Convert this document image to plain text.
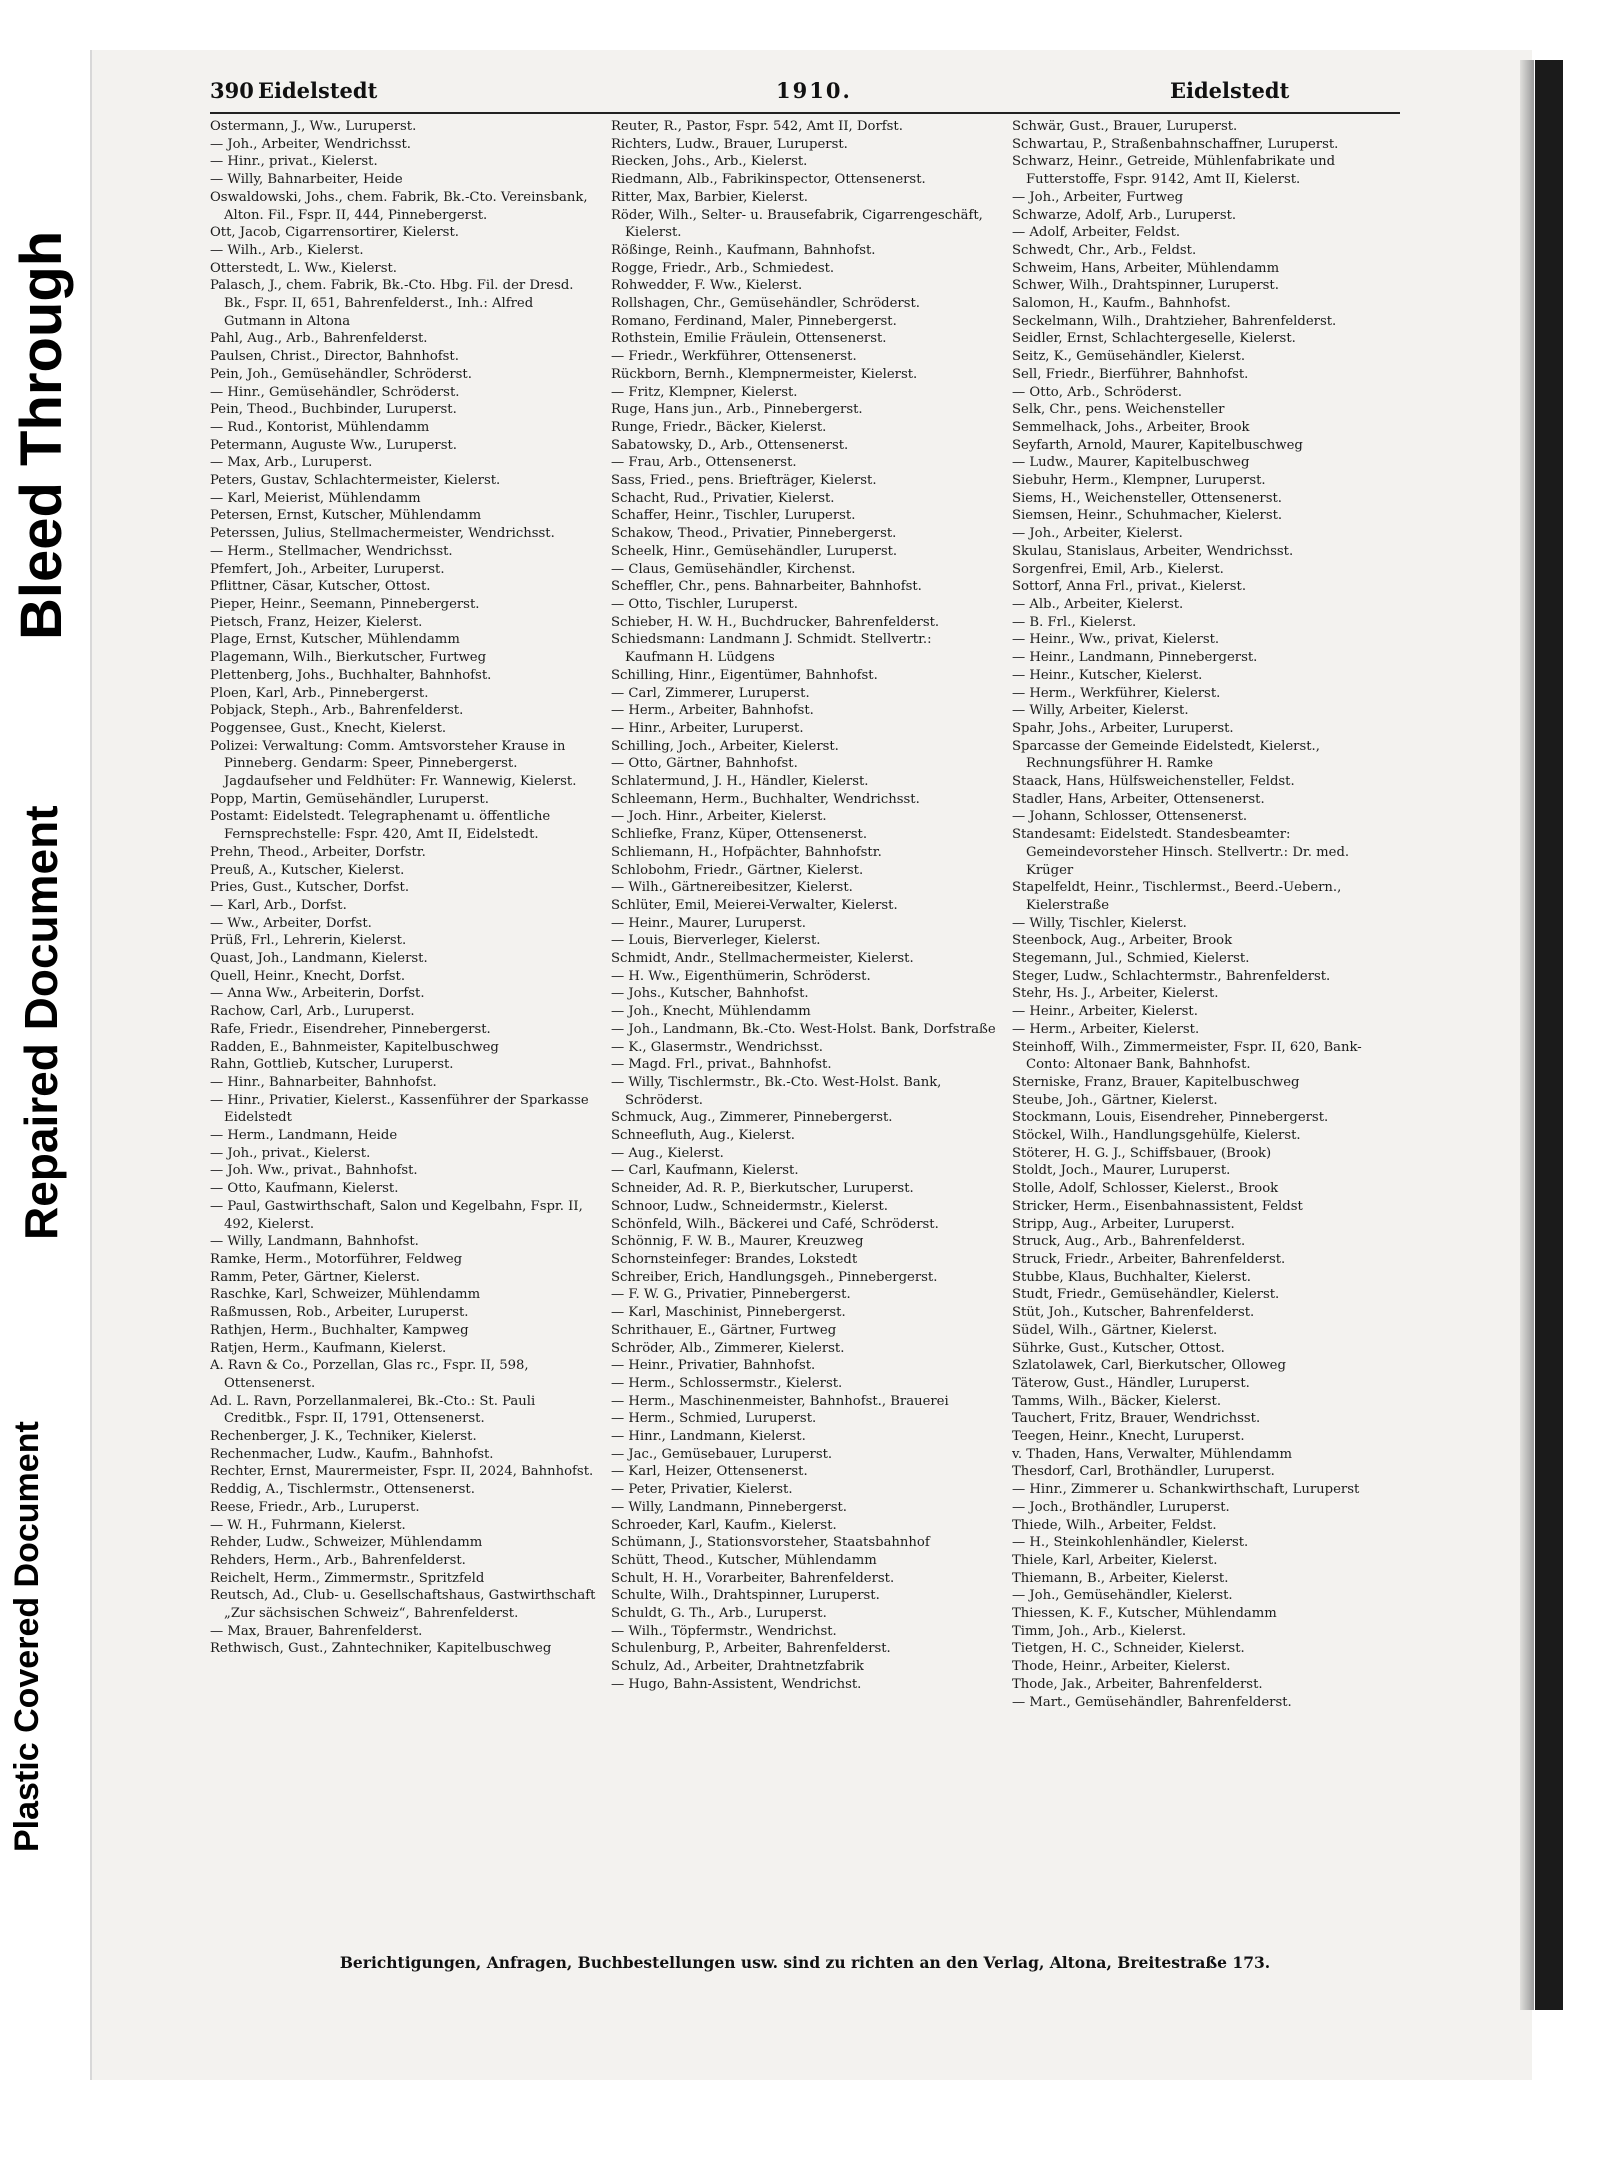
Bleed Through
Repaired Document
Plastic Covered Document
390 Eidelstedt	1910.	Eidelstedt
Ostermann, J., Ww., Luruperst.
— Joh., Arbeiter, Wendrichsst.
— Hinr., privat., Kielerst.
— Willy, Bahnarbeiter, Heide
Oswaldowski, Johs., chem. Fabrik, Bk.-Cto. Vereinsbank, Alton. Fil., Fspr. II, 444, Pinnebergerst.
Ott, Jacob, Cigarrensortirer, Kielerst.
— Wilh., Arb., Kielerst.
Otterstedt, L. Ww., Kielerst.
Palasch, J., chem. Fabrik, Bk.-Cto. Hbg. Fil. der Dresd. Bk., Fspr. II, 651, Bahrenfelderst., Inh.: Alfred Gutmann in Altona
Pahl, Aug., Arb., Bahrenfelderst.
Paulsen, Christ., Director, Bahnhofst.
Pein, Joh., Gemüsehändler, Schröderst.
— Hinr., Gemüsehändler, Schröderst.
Pein, Theod., Buchbinder, Luruperst.
— Rud., Kontorist, Mühlendamm
Petermann, Auguste Ww., Luruperst.
— Max, Arb., Luruperst.
Peters, Gustav, Schlachtermeister, Kielerst.
— Karl, Meierist, Mühlendamm
Petersen, Ernst, Kutscher, Mühlendamm
Peterssen, Julius, Stellmachermeister, Wendrichsst.
— Herm., Stellmacher, Wendrichsst.
Pfemfert, Joh., Arbeiter, Luruperst.
Pflittner, Cäsar, Kutscher, Ottost.
Pieper, Heinr., Seemann, Pinnebergerst.
Pietsch, Franz, Heizer, Kielerst.
Plage, Ernst, Kutscher, Mühlendamm
Plagemann, Wilh., Bierkutscher, Furtweg
Plettenberg, Johs., Buchhalter, Bahnhofst.
Ploen, Karl, Arb., Pinnebergerst.
Pobjack, Steph., Arb., Bahrenfelderst.
Poggensee, Gust., Knecht, Kielerst.
Polizei: Verwaltung: Comm. Amtsvorsteher Krause in Pinneberg. Gendarm: Speer, Pinnebergerst. Jagdaufseher und Feldhüter: Fr. Wannewig, Kielerst.
Popp, Martin, Gemüsehändler, Luruperst.
Postamt: Eidelstedt. Telegraphenamt u. öffentliche Fernsprechstelle: Fspr. 420, Amt II, Eidelstedt.
Prehn, Theod., Arbeiter, Dorfstr.
Preuß, A., Kutscher, Kielerst.
Pries, Gust., Kutscher, Dorfst.
— Karl, Arb., Dorfst.
— Ww., Arbeiter, Dorfst.
Prüß, Frl., Lehrerin, Kielerst.
Quast, Joh., Landmann, Kielerst.
Quell, Heinr., Knecht, Dorfst.
— Anna Ww., Arbeiterin, Dorfst.
Rachow, Carl, Arb., Luruperst.
Rafe, Friedr., Eisendreher, Pinnebergerst.
Radden, E., Bahnmeister, Kapitelbuschweg
Rahn, Gottlieb, Kutscher, Luruperst.
— Hinr., Bahnarbeiter, Bahnhofst.
— Hinr., Privatier, Kielerst., Kassenführer der Sparkasse Eidelstedt
— Herm., Landmann, Heide
— Joh., privat., Kielerst.
— Joh. Ww., privat., Bahnhofst.
— Otto, Kaufmann, Kielerst.
— Paul, Gastwirthschaft, Salon und Kegelbahn, Fspr. II, 492, Kielerst.
— Willy, Landmann, Bahnhofst.
Ramke, Herm., Motorführer, Feldweg
Ramm, Peter, Gärtner, Kielerst.
Raschke, Karl, Schweizer, Mühlendamm
Raßmussen, Rob., Arbeiter, Luruperst.
Rathjen, Herm., Buchhalter, Kampweg
Ratjen, Herm., Kaufmann, Kielerst.
A. Ravn & Co., Porzellan, Glas rc., Fspr. II, 598, Ottensenerst.
Ad. L. Ravn, Porzellanmalerei, Bk.-Cto.: St. Pauli Creditbk., Fspr. II, 1791, Ottensenerst.
Rechenberger, J. K., Techniker, Kielerst.
Rechenmacher, Ludw., Kaufm., Bahnhofst.
Rechter, Ernst, Maurermeister, Fspr. II, 2024, Bahnhofst.
Reddig, A., Tischlermstr., Ottensenerst.
Reese, Friedr., Arb., Luruperst.
— W. H., Fuhrmann, Kielerst.
Rehder, Ludw., Schweizer, Mühlendamm
Rehders, Herm., Arb., Bahrenfelderst.
Reichelt, Herm., Zimmermstr., Spritzfeld
Reutsch, Ad., Club- u. Gesellschaftshaus, Gastwirthschaft „Zur sächsischen Schweiz“, Bahrenfelderst.
— Max, Brauer, Bahrenfelderst.
Rethwisch, Gust., Zahntechniker, Kapitelbuschweg
Reuter, R., Pastor, Fspr. 542, Amt II, Dorfst.
Richters, Ludw., Brauer, Luruperst.
Riecken, Johs., Arb., Kielerst.
Riedmann, Alb., Fabrikinspector, Ottensenerst.
Ritter, Max, Barbier, Kielerst.
Röder, Wilh., Selter- u. Brausefabrik, Cigarrengeschäft, Kielerst.
Rößinge, Reinh., Kaufmann, Bahnhofst.
Rogge, Friedr., Arb., Schmiedest.
Rohwedder, F. Ww., Kielerst.
Rollshagen, Chr., Gemüsehändler, Schröderst.
Romano, Ferdinand, Maler, Pinnebergerst.
Rothstein, Emilie Fräulein, Ottensenerst.
— Friedr., Werkführer, Ottensenerst.
Rückborn, Bernh., Klempnermeister, Kielerst.
— Fritz, Klempner, Kielerst.
Ruge, Hans jun., Arb., Pinnebergerst.
Runge, Friedr., Bäcker, Kielerst.
Sabatowsky, D., Arb., Ottensenerst.
— Frau, Arb., Ottensenerst.
Sass, Fried., pens. Briefträger, Kielerst.
Schacht, Rud., Privatier, Kielerst.
Schaffer, Heinr., Tischler, Luruperst.
Schakow, Theod., Privatier, Pinnebergerst.
Scheelk, Hinr., Gemüsehändler, Luruperst.
— Claus, Gemüsehändler, Kirchenst.
Scheffler, Chr., pens. Bahnarbeiter, Bahnhofst.
— Otto, Tischler, Luruperst.
Schieber, H. W. H., Buchdrucker, Bahrenfelderst.
Schiedsmann: Landmann J. Schmidt. Stellvertr.: Kaufmann H. Lüdgens
Schilling, Hinr., Eigentümer, Bahnhofst.
— Carl, Zimmerer, Luruperst.
— Herm., Arbeiter, Bahnhofst.
— Hinr., Arbeiter, Luruperst.
Schilling, Joch., Arbeiter, Kielerst.
— Otto, Gärtner, Bahnhofst.
Schlatermund, J. H., Händler, Kielerst.
Schleemann, Herm., Buchhalter, Wendrichsst.
— Joch. Hinr., Arbeiter, Kielerst.
Schliefke, Franz, Küper, Ottensenerst.
Schliemann, H., Hofpächter, Bahnhofstr.
Schlobohm, Friedr., Gärtner, Kielerst.
— Wilh., Gärtnereibesitzer, Kielerst.
Schlüter, Emil, Meierei-Verwalter, Kielerst.
— Heinr., Maurer, Luruperst.
— Louis, Bierverleger, Kielerst.
Schmidt, Andr., Stellmachermeister, Kielerst.
— H. Ww., Eigenthümerin, Schröderst.
— Johs., Kutscher, Bahnhofst.
— Joh., Knecht, Mühlendamm
— Joh., Landmann, Bk.-Cto. West-Holst. Bank, Dorfstraße
— K., Glasermstr., Wendrichsst.
— Magd. Frl., privat., Bahnhofst.
— Willy, Tischlermstr., Bk.-Cto. West-Holst. Bank, Schröderst.
Schmuck, Aug., Zimmerer, Pinnebergerst.
Schneefluth, Aug., Kielerst.
— Aug., Kielerst.
— Carl, Kaufmann, Kielerst.
Schneider, Ad. R. P., Bierkutscher, Luruperst.
Schnoor, Ludw., Schneidermstr., Kielerst.
Schönfeld, Wilh., Bäckerei und Café, Schröderst.
Schönnig, F. W. B., Maurer, Kreuzweg
Schornsteinfeger: Brandes, Lokstedt
Schreiber, Erich, Handlungsgeh., Pinnebergerst.
— F. W. G., Privatier, Pinnebergerst.
— Karl, Maschinist, Pinnebergerst.
Schrithauer, E., Gärtner, Furtweg
Schröder, Alb., Zimmerer, Kielerst.
— Heinr., Privatier, Bahnhofst.
— Herm., Schlossermstr., Kielerst.
— Herm., Maschinenmeister, Bahnhofst., Brauerei
— Herm., Schmied, Luruperst.
— Hinr., Landmann, Kielerst.
— Jac., Gemüsebauer, Luruperst.
— Karl, Heizer, Ottensenerst.
— Peter, Privatier, Kielerst.
— Willy, Landmann, Pinnebergerst.
Schroeder, Karl, Kaufm., Kielerst.
Schümann, J., Stationsvorsteher, Staatsbahnhof
Schütt, Theod., Kutscher, Mühlendamm
Schult, H. H., Vorarbeiter, Bahrenfelderst.
Schulte, Wilh., Drahtspinner, Luruperst.
Schuldt, G. Th., Arb., Luruperst.
— Wilh., Töpfermstr., Wendrichst.
Schulenburg, P., Arbeiter, Bahrenfelderst.
Schulz, Ad., Arbeiter, Drahtnetzfabrik
— Hugo, Bahn-Assistent, Wendrichst.
Schwär, Gust., Brauer, Luruperst.
Schwartau, P., Straßenbahnschaffner, Luruperst.
Schwarz, Heinr., Getreide, Mühlenfabrikate und Futterstoffe, Fspr. 9142, Amt II, Kielerst.
— Joh., Arbeiter, Furtweg
Schwarze, Adolf, Arb., Luruperst.
— Adolf, Arbeiter, Feldst.
Schwedt, Chr., Arb., Feldst.
Schweim, Hans, Arbeiter, Mühlendamm
Schwer, Wilh., Drahtspinner, Luruperst.
Salomon, H., Kaufm., Bahnhofst.
Seckelmann, Wilh., Drahtzieher, Bahrenfelderst.
Seidler, Ernst, Schlachtergeselle, Kielerst.
Seitz, K., Gemüsehändler, Kielerst.
Sell, Friedr., Bierführer, Bahnhofst.
— Otto, Arb., Schröderst.
Selk, Chr., pens. Weichensteller
Semmelhack, Johs., Arbeiter, Brook
Seyfarth, Arnold, Maurer, Kapitelbuschweg
— Ludw., Maurer, Kapitelbuschweg
Siebuhr, Herm., Klempner, Luruperst.
Siems, H., Weichensteller, Ottensenerst.
Siemsen, Heinr., Schuhmacher, Kielerst.
— Joh., Arbeiter, Kielerst.
Skulau, Stanislaus, Arbeiter, Wendrichsst.
Sorgenfrei, Emil, Arb., Kielerst.
Sottorf, Anna Frl., privat., Kielerst.
— Alb., Arbeiter, Kielerst.
— B. Frl., Kielerst.
— Heinr., Ww., privat, Kielerst.
— Heinr., Landmann, Pinnebergerst.
— Heinr., Kutscher, Kielerst.
— Herm., Werkführer, Kielerst.
— Willy, Arbeiter, Kielerst.
Spahr, Johs., Arbeiter, Luruperst.
Sparcasse der Gemeinde Eidelstedt, Kielerst., Rechnungsführer H. Ramke
Staack, Hans, Hülfsweichensteller, Feldst.
Stadler, Hans, Arbeiter, Ottensenerst.
— Johann, Schlosser, Ottensenerst.
Standesamt: Eidelstedt. Standesbeamter: Gemeindevorsteher Hinsch. Stellvertr.: Dr. med. Krüger
Stapelfeldt, Heinr., Tischlermst., Beerd.-Uebern., Kielerstraße
— Willy, Tischler, Kielerst.
Steenbock, Aug., Arbeiter, Brook
Stegemann, Jul., Schmied, Kielerst.
Steger, Ludw., Schlachtermstr., Bahrenfelderst.
Stehr, Hs. J., Arbeiter, Kielerst.
— Heinr., Arbeiter, Kielerst.
— Herm., Arbeiter, Kielerst.
Steinhoff, Wilh., Zimmermeister, Fspr. II, 620, Bank-Conto: Altonaer Bank, Bahnhofst.
Sterniske, Franz, Brauer, Kapitelbuschweg
Steube, Joh., Gärtner, Kielerst.
Stockmann, Louis, Eisendreher, Pinnebergerst.
Stöckel, Wilh., Handlungsgehülfe, Kielerst.
Stöterer, H. G. J., Schiffsbauer, (Brook)
Stoldt, Joch., Maurer, Luruperst.
Stolle, Adolf, Schlosser, Kielerst., Brook
Stricker, Herm., Eisenbahnassistent, Feldst
Stripp, Aug., Arbeiter, Luruperst.
Struck, Aug., Arb., Bahrenfelderst.
Struck, Friedr., Arbeiter, Bahrenfelderst.
Stubbe, Klaus, Buchhalter, Kielerst.
Studt, Friedr., Gemüsehändler, Kielerst.
Stüt, Joh., Kutscher, Bahrenfelderst.
Südel, Wilh., Gärtner, Kielerst.
Sührke, Gust., Kutscher, Ottost.
Szlatolawek, Carl, Bierkutscher, Olloweg
Täterow, Gust., Händler, Luruperst.
Tamms, Wilh., Bäcker, Kielerst.
Tauchert, Fritz, Brauer, Wendrichsst.
Teegen, Heinr., Knecht, Luruperst.
v. Thaden, Hans, Verwalter, Mühlendamm
Thesdorf, Carl, Brothändler, Luruperst.
— Hinr., Zimmerer u. Schankwirthschaft, Luruperst
— Joch., Brothändler, Luruperst.
Thiede, Wilh., Arbeiter, Feldst.
— H., Steinkohlenhändler, Kielerst.
Thiele, Karl, Arbeiter, Kielerst.
Thiemann, B., Arbeiter, Kielerst.
— Joh., Gemüsehändler, Kielerst.
Thiessen, K. F., Kutscher, Mühlendamm
Timm, Joh., Arb., Kielerst.
Tietgen, H. C., Schneider, Kielerst.
Thode, Heinr., Arbeiter, Kielerst.
Thode, Jak., Arbeiter, Bahrenfelderst.
— Mart., Gemüsehändler, Bahrenfelderst.
Berichtigungen, Anfragen, Buchbestellungen usw. sind zu richten an den Verlag, Altona, Breitestraße 173.
